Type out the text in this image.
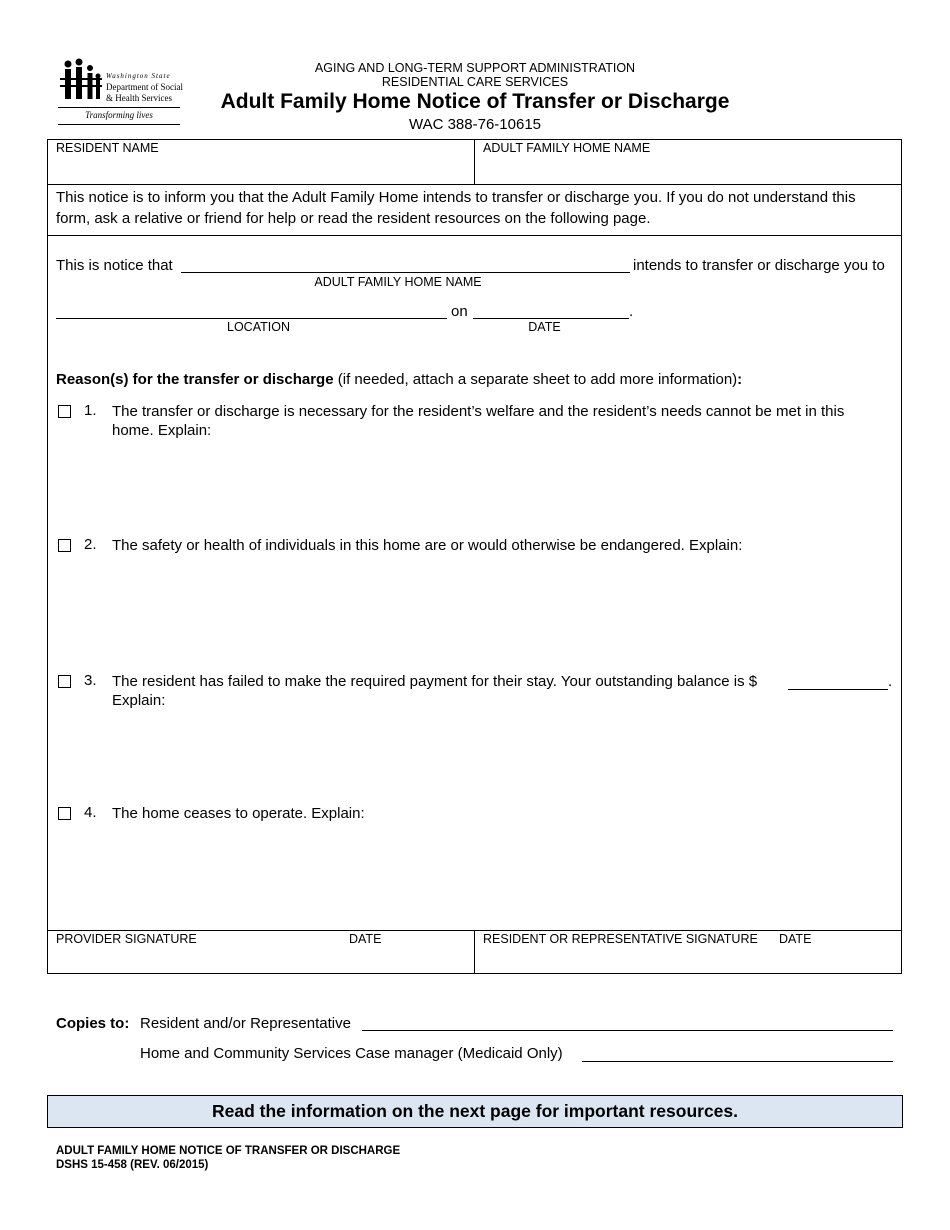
Washington State
Department of Social
& Health Services
Transforming lives
AGING AND LONG-TERM SUPPORT ADMINISTRATION
RESIDENTIAL CARE SERVICES
Adult Family Home Notice of Transfer or Discharge
WAC 388-76-10615
RESIDENT NAME	ADULT FAMILY HOME NAME
This notice is to inform you that the Adult Family Home intends to transfer or discharge you. If you do not understand this
form, ask a relative or friend for help or read the resident resources on the following page.
This is notice that	intends to transfer or discharge you to
ADULT FAMILY HOME NAME
on	.
LOCATION	DATE
Reason(s) for the transfer or discharge (if needed, attach a separate sheet to add more information):
1. The transfer or discharge is necessary for the resident’s welfare and the resident’s needs cannot be met in this
home. Explain:
2. The safety or health of individuals in this home are or would otherwise be endangered. Explain:
3. The resident has failed to make the required payment for their stay. Your outstanding balance is $
Explain:
.
4. The home ceases to operate. Explain:
PROVIDER SIGNATURE	DATE	RESIDENT OR REPRESENTATIVE SIGNATURE DATE
Copies to: Resident and/or Representative
Home and Community Services Case manager (Medicaid Only)
Read the information on the next page for important resources.
ADULT FAMILY HOME NOTICE OF TRANSFER OR DISCHARGE
DSHS 15-458 (REV. 06/2015)
